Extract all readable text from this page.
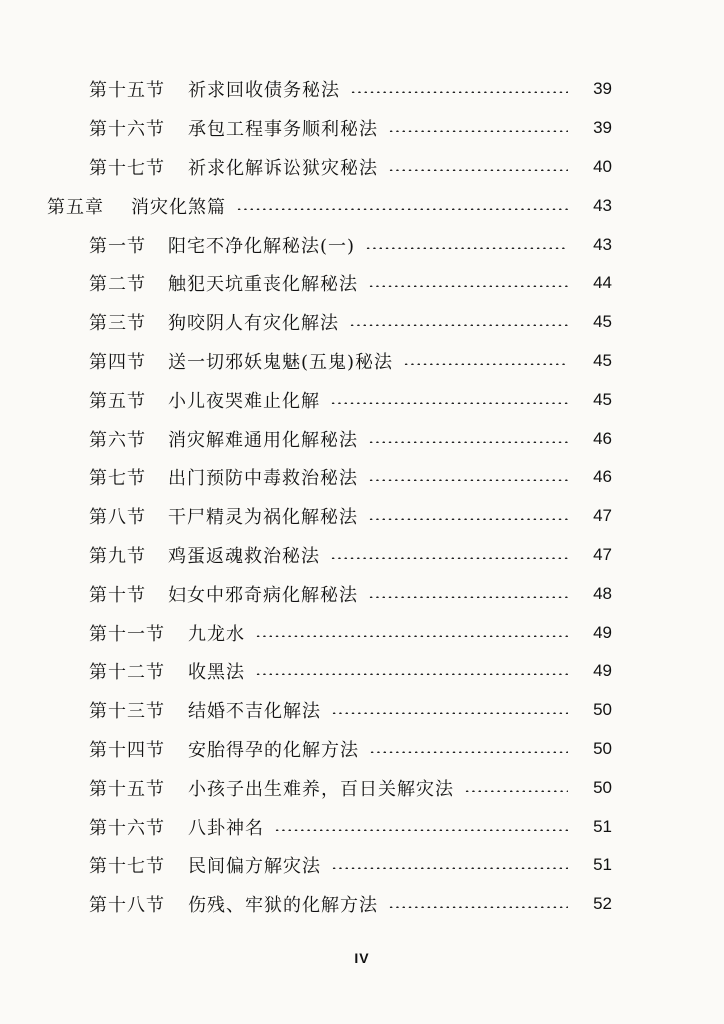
第十五节	祈求回收债务秘法	39
第十六节	承包工程事务顺利秘法	39
第十七节	祈求化解诉讼狱灾秘法	40
第五章	消灾化煞篇	43
第一节	阳宅不净化解秘法(一)	43
第二节	触犯天坑重丧化解秘法	44
第三节	狗咬阴人有灾化解法	45
第四节	送一切邪妖鬼魅(五鬼)秘法	45
第五节	小儿夜哭难止化解	45
第六节	消灾解难通用化解秘法	46
第七节	出门预防中毒救治秘法	46
第八节	干尸精灵为祸化解秘法	47
第九节	鸡蛋返魂救治秘法	47
第十节	妇女中邪奇病化解秘法	48
第十一节	九龙水	49
第十二节	收黑法	49
第十三节	结婚不吉化解法	50
第十四节	安胎得孕的化解方法	50
第十五节	小孩子出生难养，百日关解灾法	50
第十六节	八卦神名	51
第十七节	民间偏方解灾法	51
第十八节	伤残、牢狱的化解方法	52
IV
